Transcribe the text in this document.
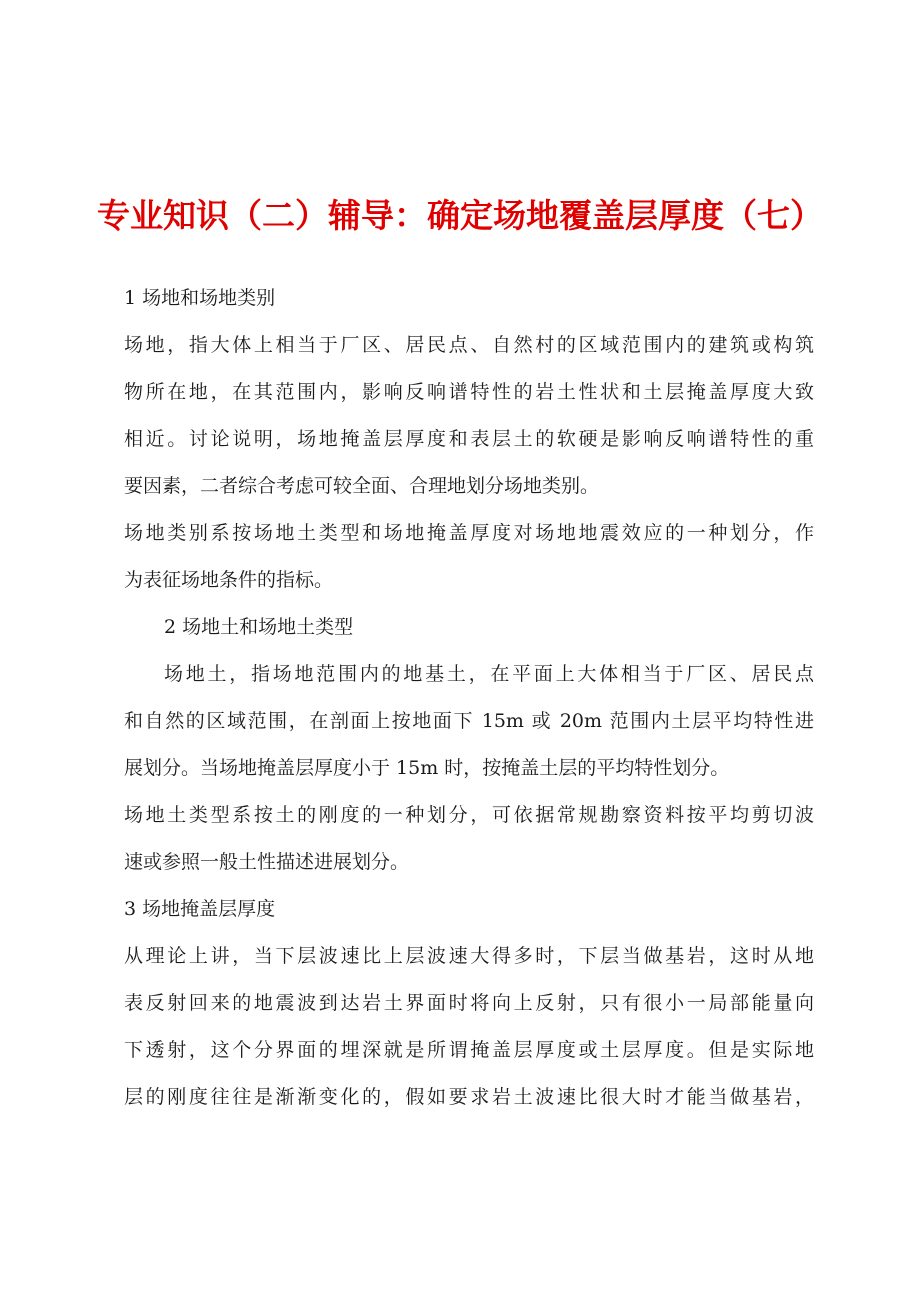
专业知识（二）辅导：确定场地覆盖层厚度（七）
1 场地和场地类别
场地，指大体上相当于厂区、居民点、自然村的区域范围内的建筑或构筑
物所在地，在其范围内，影响反响谱特性的岩土性状和土层掩盖厚度大致
相近。讨论说明，场地掩盖层厚度和表层土的软硬是影响反响谱特性的重
要因素，二者综合考虑可较全面、合理地划分场地类别。
场地类别系按场地土类型和场地掩盖厚度对场地地震效应的一种划分，作
为表征场地条件的指标。
2 场地土和场地土类型
场地土，指场地范围内的地基土，在平面上大体相当于厂区、居民点
和自然的区域范围，在剖面上按地面下 15m 或 20m 范围内土层平均特性进
展划分。当场地掩盖层厚度小于 15m 时，按掩盖土层的平均特性划分。
场地土类型系按土的刚度的一种划分，可依据常规勘察资料按平均剪切波
速或参照一般土性描述进展划分。
3 场地掩盖层厚度
从理论上讲，当下层波速比上层波速大得多时，下层当做基岩，这时从地
表反射回来的地震波到达岩土界面时将向上反射，只有很小一局部能量向
下透射，这个分界面的埋深就是所谓掩盖层厚度或土层厚度。但是实际地
层的刚度往往是渐渐变化的，假如要求岩土波速比很大时才能当做基岩，
